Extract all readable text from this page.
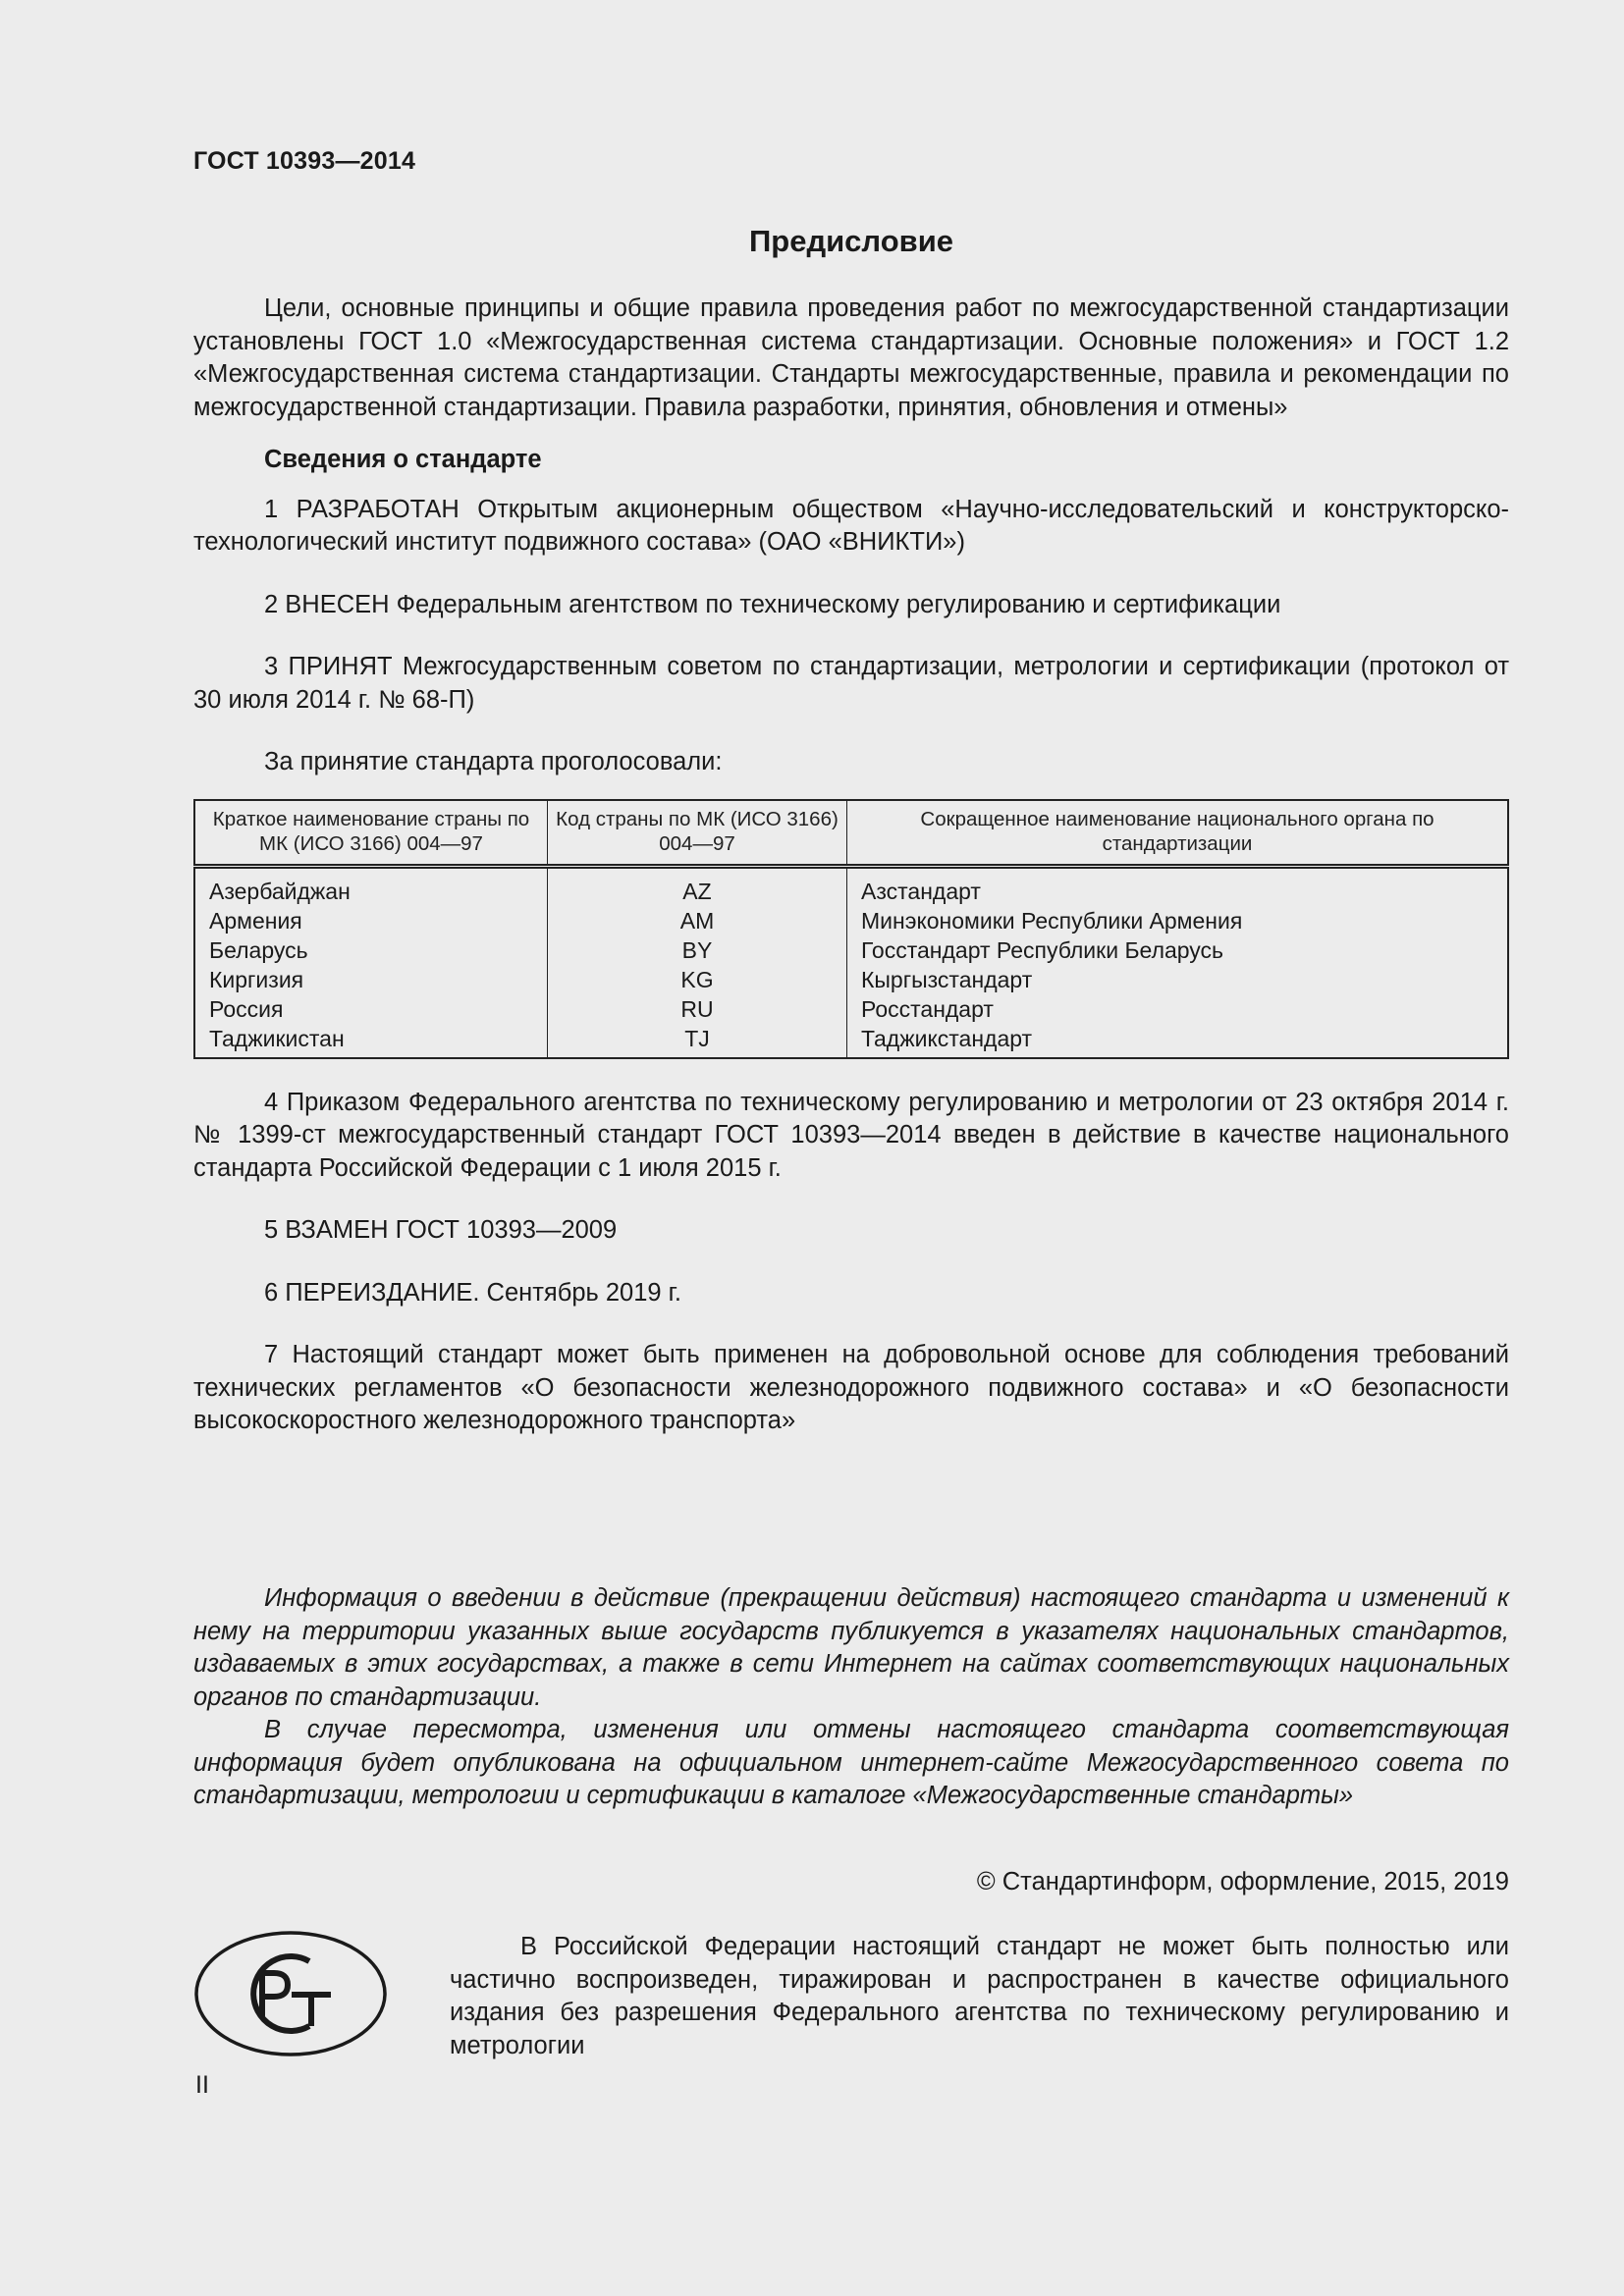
ГОСТ 10393—2014
Предисловие

Цели, основные принципы и общие правила проведения работ по межгосударственной стандартизации установлены ГОСТ 1.0 «Межгосударственная система стандартизации. Основные положения» и ГОСТ 1.2 «Межгосударственная система стандартизации. Стандарты межгосударственные, правила и рекомендации по межгосударственной стандартизации. Правила разработки, принятия, обновления и отмены»

Сведения о стандарте

1 РАЗРАБОТАН Открытым акционерным обществом «Научно-исследовательский и конструкторско-технологический институт подвижного состава» (ОАО «ВНИКТИ»)

2 ВНЕСЕН Федеральным агентством по техническому регулированию и сертификации

3 ПРИНЯТ Межгосударственным советом по стандартизации, метрологии и сертификации (протокол от 30 июля 2014 г. № 68-П)

За принятие стандарта проголосовали:

Краткое наименование страны по МК (ИСО 3166) 004—97	Код страны по МК (ИСО 3166) 004—97	Сокращенное наименование национального органа по стандартизации
Азербайджан	AZ	Азстандарт
Армения	AM	Минэкономики Республики Армения
Беларусь	BY	Госстандарт Республики Беларусь
Киргизия	KG	Кыргызстандарт
Россия	RU	Росстандарт
Таджикистан	TJ	Таджикстандарт

4 Приказом Федерального агентства по техническому регулированию и метрологии от 23 октября 2014 г. № 1399-ст межгосударственный стандарт ГОСТ 10393—2014 введен в действие в качестве национального стандарта Российской Федерации с 1 июля 2015 г.

5 ВЗАМЕН ГОСТ 10393—2009

6 ПЕРЕИЗДАНИЕ. Сентябрь 2019 г.

7 Настоящий стандарт может быть применен на добровольной основе для соблюдения требований технических регламентов «О безопасности железнодорожного подвижного состава» и «О безопасности высокоскоростного железнодорожного транспорта»

Информация о введении в действие (прекращении действия) настоящего стандарта и изменений к нему на территории указанных выше государств публикуется в указателях национальных стандартов, издаваемых в этих государствах, а также в сети Интернет на сайтах соответствующих национальных органов по стандартизации.

В случае пересмотра, изменения или отмены настоящего стандарта соответствующая информация будет опубликована на официальном интернет-сайте Межгосударственного совета по стандартизации, метрологии и сертификации в каталоге «Межгосударственные стандарты»

© Стандартинформ, оформление, 2015, 2019

В Российской Федерации настоящий стандарт не может быть полностью или частично воспроизведен, тиражирован и распространен в качестве официального издания без разрешения Федерального агентства по техническому регулированию и метрологии

II
